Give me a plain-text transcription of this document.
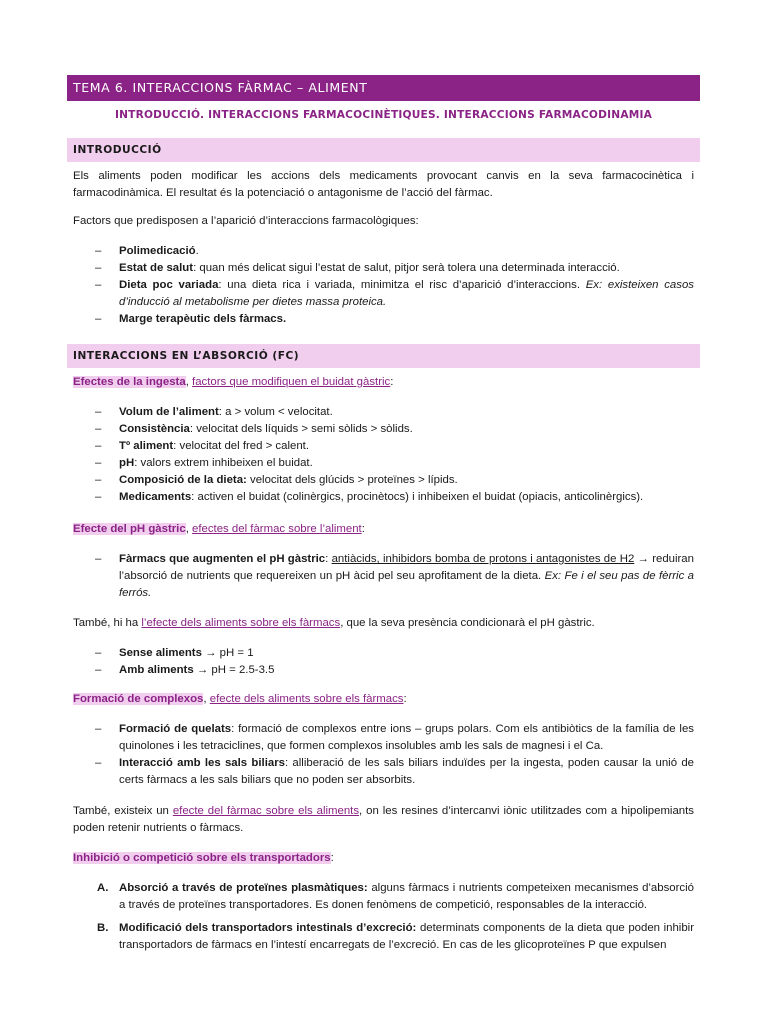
TEMA 6. INTERACCIONS FÀRMAC – ALIMENT
INTRODUCCIÓ. INTERACCIONS FARMACOCINÈTIQUES. INTERACCIONS FARMACODINAMIA
INTRODUCCIÓ
Els aliments poden modificar les accions dels medicaments provocant canvis en la seva farmacocinètica i farmacodinàmica. El resultat és la potenciació o antagonisme de l’acció del fàrmac.
Factors que predisposen a l’aparició d’interaccions farmacològiques:
– Polimedicació.
– Estat de salut: quan més delicat sigui l’estat de salut, pitjor serà tolera una determinada interacció.
– Dieta poc variada: una dieta rica i variada, minimitza el risc d’aparició d’interaccions. Ex: existeixen casos d’inducció al metabolisme per dietes massa proteica.
– Marge terapèutic dels fàrmacs.
INTERACCIONS EN L’ABSORCIÓ (FC)
Efectes de la ingesta, factors que modifiquen el buidat gàstric:
– Volum de l’aliment: a > volum < velocitat.
– Consistència: velocitat dels líquids > semi sòlids > sòlids.
– Tº aliment: velocitat del fred > calent.
– pH: valors extrem inhibeixen el buidat.
– Composició de la dieta: velocitat dels glúcids > proteïnes > lípids.
– Medicaments: activen el buidat (colinèrgics, procinètocs) i inhibeixen el buidat (opiacis, anticolinèrgics).
Efecte del pH gàstric, efectes del fàrmac sobre l’aliment:
– Fàrmacs que augmenten el pH gàstric: antiàcids, inhibidors bomba de protons i antagonistes de H2 → reduiran l’absorció de nutrients que requereixen un pH àcid pel seu aprofitament de la dieta. Ex: Fe i el seu pas de fèrric a ferrós.
També, hi ha l’efecte dels aliments sobre els fàrmacs, que la seva presència condicionarà el pH gàstric.
– Sense aliments → pH = 1
– Amb aliments → pH = 2.5-3.5
Formació de complexos, efecte dels aliments sobre els fàrmacs:
– Formació de quelats: formació de complexos entre ions – grups polars. Com els antibiòtics de la família de les quinolones i les tetraciclines, que formen complexos insolubles amb les sals de magnesi i el Ca.
– Interacció amb les sals biliars: alliberació de les sals biliars induïdes per la ingesta, poden causar la unió de certs fàrmacs a les sals biliars que no poden ser absorbits.
També, existeix un efecte del fàrmac sobre els aliments, on les resines d’intercanvi iònic utilitzades com a hipolipemiants poden retenir nutrients o fàrmacs.
Inhibició o competició sobre els transportadors:
A. Absorció a través de proteïnes plasmàtiques: alguns fàrmacs i nutrients competeixen mecanismes d’absorció a través de proteïnes transportadores. Es donen fenòmens de competició, responsables de la interacció.
B. Modificació dels transportadors intestinals d’excreció: determinats components de la dieta que poden inhibir transportadors de fàrmacs en l’intestí encarregats de l’excreció. En cas de les glicoproteïnes P que expulsen
